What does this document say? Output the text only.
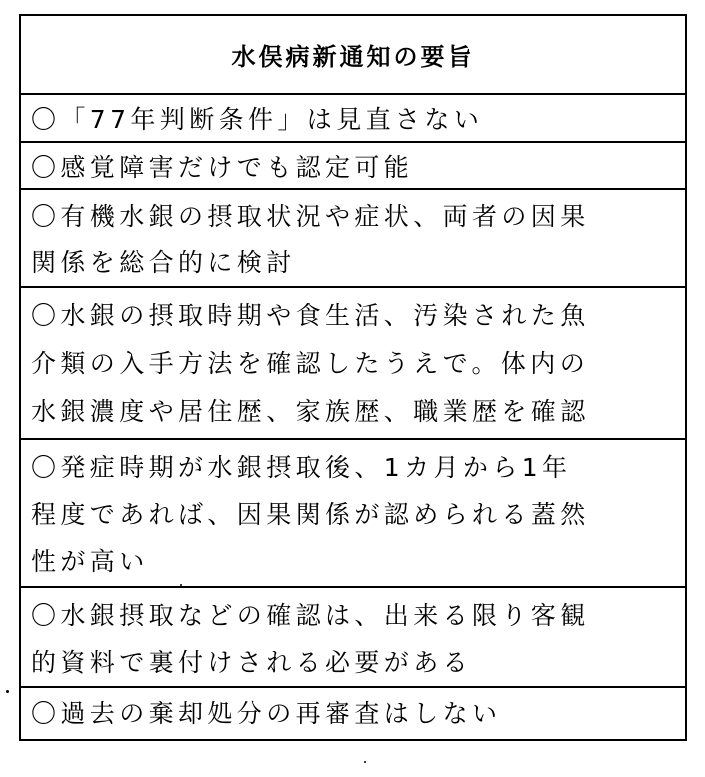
水俣病新通知の要旨
〇「77年判断条件」は見直さない
〇感覚障害だけでも認定可能
〇有機水銀の摂取状況や症状、両者の因果
関係を総合的に検討
〇水銀の摂取時期や食生活、汚染された魚
介類の入手方法を確認したうえで。体内の
水銀濃度や居住歴、家族歴、職業歴を確認
〇発症時期が水銀摂取後、1カ月から1年
程度であれば、因果関係が認められる蓋然
性が高い
〇水銀摂取などの確認は、出来る限り客観
的資料で裏付けされる必要がある
〇過去の棄却処分の再審査はしない
